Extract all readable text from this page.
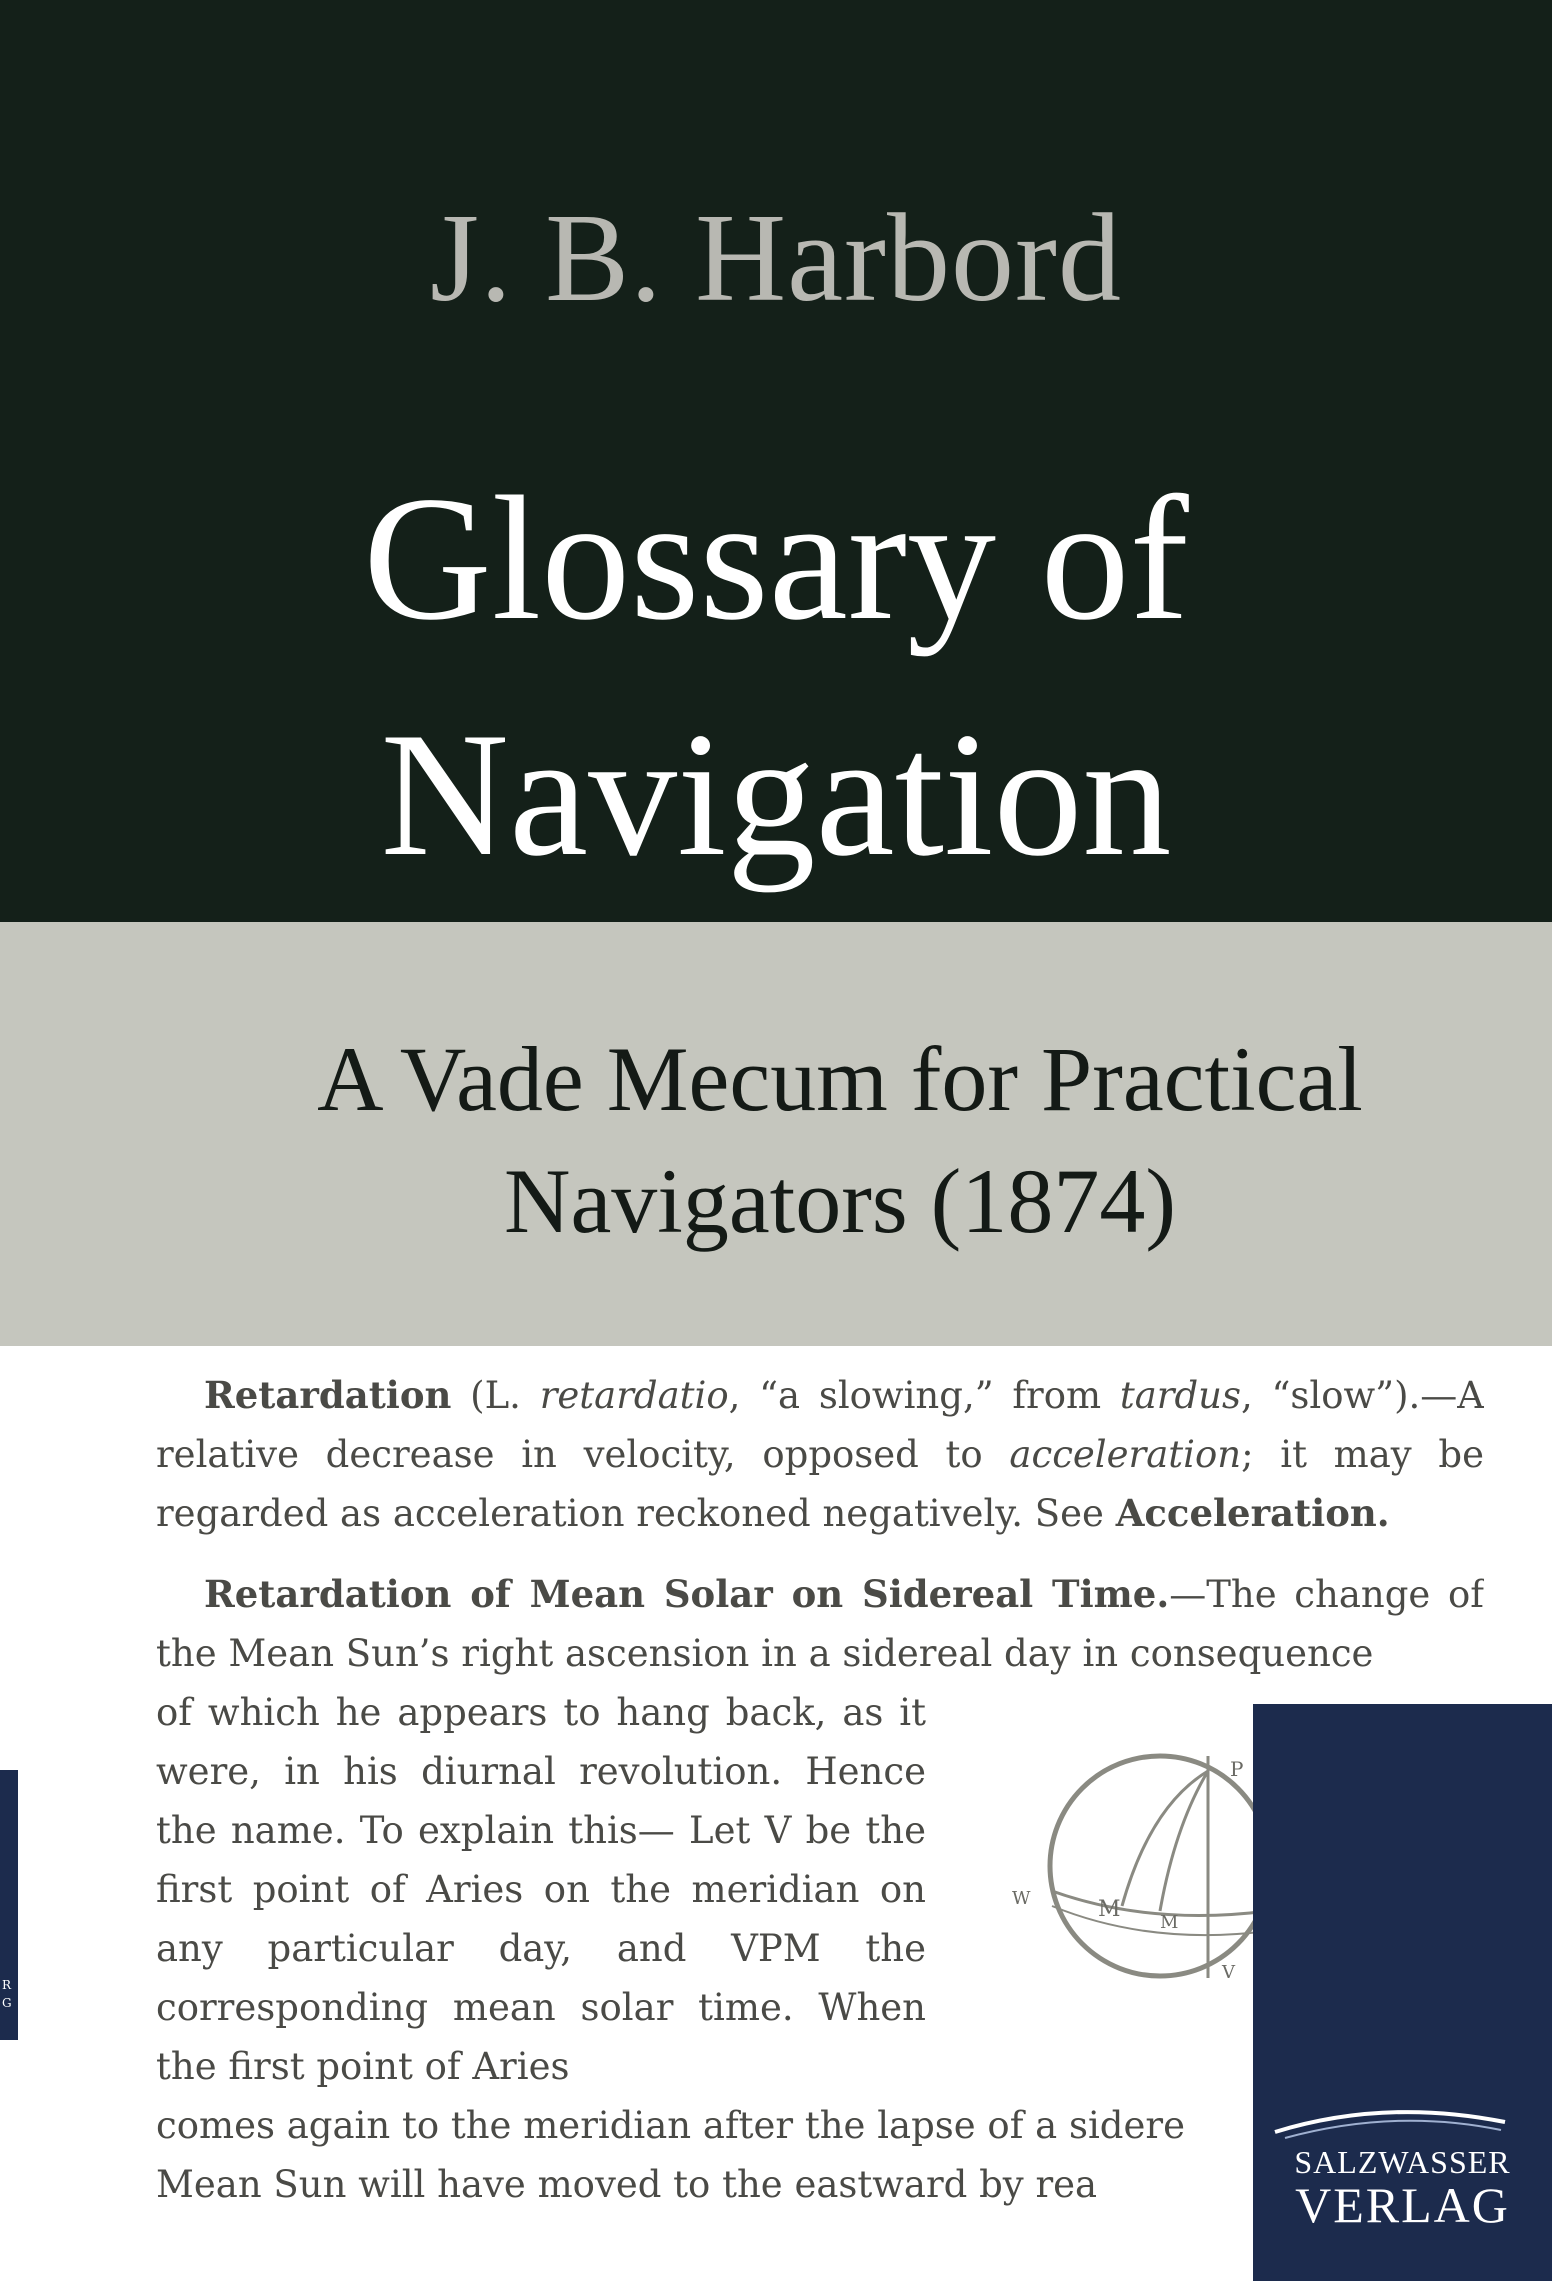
J. B. Harbord
Glossary of
Navigation
A Vade Mecum for Practical
Navigators (1874)

Retardation (L. retardatio, “a slowing,” from tardus, “slow”).—A relative decrease in velocity, opposed to acceleration; it may be regarded as acceleration reckoned negatively. See Acceleration.

Retardation of Mean Solar on Sidereal Time.—The change of the Mean Sun’s right ascension in a sidereal day in consequence

of which he appears to hang back, as it were, in his diurnal revolution. Hence the name. To explain this— Let V be the first point of Aries on the meridian on any particular day, and VPM the corresponding mean solar time. When the first point of Aries
comes again to the meridian after the lapse of a sidere
Mean Sun will have moved to the eastward by rea
P
W	M
M
V
R
G
SALZWASSER
VERLAG
